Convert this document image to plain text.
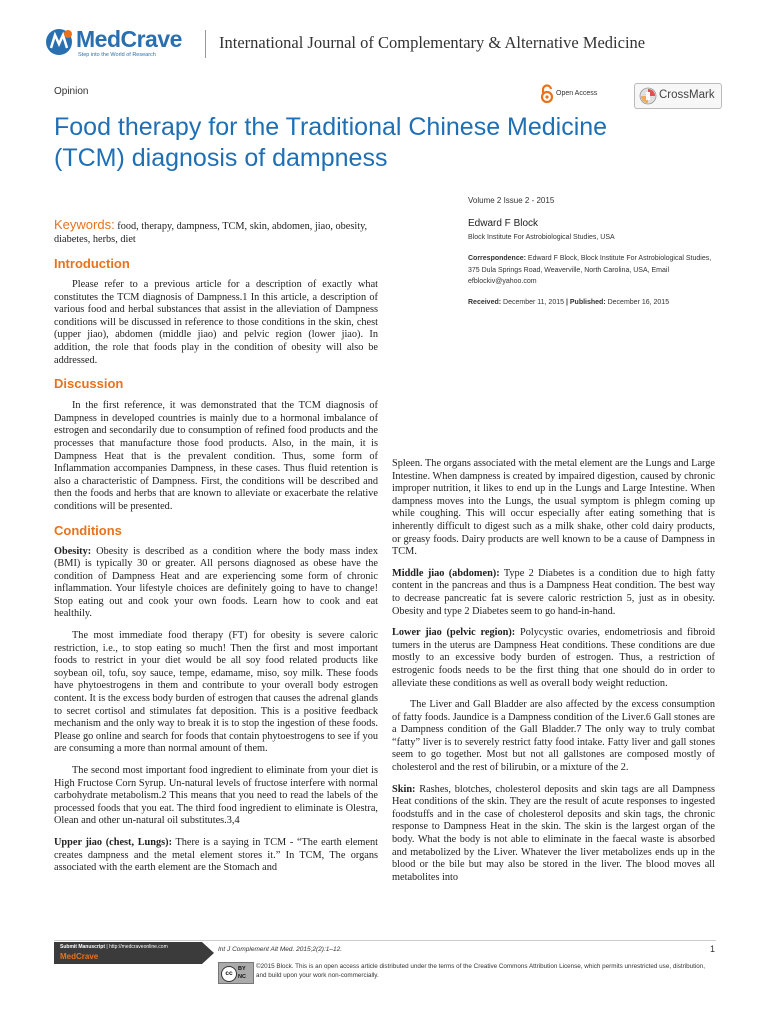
MedCrave
Step into the World of Research
International Journal of Complementary & Alternative Medicine
Opinion	Open Access	CrossMark
Food therapy for the Traditional Chinese Medicine
(TCM) diagnosis of dampness
Volume 2 Issue 2 - 2015
Edward F Block
Block Institute For Astrobiological Studies, USA
Correspondence: Edward F Block, Block Institute For Astrobiological Studies, 375 Dula Springs Road, Weaverville, North Carolina, USA, Email efblockiv@yahoo.com
Received: December 11, 2015 | Published: December 16, 2015
Keywords: food, therapy, dampness, TCM, skin, abdomen, jiao, obesity, diabetes, herbs, diet
Introduction

Please refer to a previous article for a description of exactly what constitutes the TCM diagnosis of Dampness.1 In this article, a description of various food and herbal substances that assist in the alleviation of Dampness conditions will be discussed in reference to those conditions in the skin, chest (upper jiao), abdomen (middle jiao) and pelvic region (lower jiao). In addition, the role that foods play in the condition of obesity will also be addressed.

Discussion

In the first reference, it was demonstrated that the TCM diagnosis of Dampness in developed countries is mainly due to a hormonal imbalance of estrogen and secondarily due to consumption of refined food products and the processes that manufacture those food products. Also, in the main, it is Dampness Heat that is the prevalent condition. Thus, some form of Inflammation accompanies Dampness, in these cases. Thus fluid retention is also a characteristic of Dampness. First, the conditions will be described and then the foods and herbs that are known to alleviate or exacerbate the relative conditions will be presented.

Conditions

Obesity: Obesity is described as a condition where the body mass index (BMI) is typically 30 or greater. All persons diagnosed as obese have the condition of Dampness Heat and are experiencing some form of chronic inflammation. Your lifestyle choices are definitely going to have to change! Stop eating out and cook your own foods. Learn how to cook and eat healthily.

The most immediate food therapy (FT) for obesity is severe caloric restriction, i.e., to stop eating so much! Then the first and most important foods to restrict in your diet would be all soy food related products like soybean oil, tofu, soy sauce, tempe, edamame, miso, soy milk. These foods have phytoestrogens in them and contribute to your overall body estrogen content. It is the excess body burden of estrogen that causes the adrenal glands to secret cortisol and stimulates fat deposition. This is a positive feedback mechanism and the only way to break it is to stop the ingestion of these foods. Please go online and search for foods that contain phytoestrogens to see if you are consuming a more than normal amount of them.

The second most important food ingredient to eliminate from your diet is High Fructose Corn Syrup. Un-natural levels of fructose interfere with normal carbohydrate metabolism.2 This means that you need to read the labels of the processed foods that you eat. The third food ingredient to eliminate is Olestra, Olean and other un-natural oil substitutes.3,4

Upper jiao (chest, Lungs): There is a saying in TCM - “The earth element creates dampness and the metal element stores it.” In TCM, The organs associated with the earth element are the Stomach and

Spleen. The organs associated with the metal element are the Lungs and Large Intestine. When dampness is created by impaired digestion, caused by chronic improper nutrition, it likes to end up in the Lungs and Large Intestine. When dampness moves into the Lungs, the usual symptom is phlegm coming up while coughing. This will occur especially after eating something that is inherently difficult to digest such as a milk shake, other cold dairy products, or greasy foods. Dairy products are well known to be a cause of Dampness in TCM.

Middle jiao (abdomen): Type 2 Diabetes is a condition due to high fatty content in the pancreas and thus is a Dampness Heat condition. The best way to decrease pancreatic fat is severe caloric restriction 5, just as in obesity. Obesity and type 2 Diabetes seem to go hand-in-hand.

Lower jiao (pelvic region): Polycystic ovaries, endometriosis and fibroid tumers in the uterus are Dampness Heat conditions. These conditions are due mostly to an excessive body burden of estrogen. Thus, a restriction of estrogenic foods needs to be the first thing that one should do in order to alleviate these conditions as well as overall body weight reduction.

The Liver and Gall Bladder are also affected by the excess consumption of fatty foods. Jaundice is a Dampness condition of the Liver.6 Gall stones are a Dampness condition of the Gall Bladder.7 The only way to truly combat “fatty” liver is to severely restrict fatty food intake. Fatty liver and gall stones seem to go together. Most but not all gallstones are composed mostly of cholesterol and the rest of bilirubin, or a mixture of the 2.

Skin: Rashes, blotches, cholesterol deposits and skin tags are all Dampness Heat conditions of the skin. They are the result of acute responses to ingested foodstuffs and in the case of cholesterol deposits and skin tags, the chronic response to Dampness Heat in the skin. The skin is the largest organ of the body. What the body is not able to eliminate in the faecal waste is absorbed and metabolized by the Liver. Whatever the liver metabolizes ends up in the blood or the bile but may also be stored in the liver. The blood moves all metabolites into

Submit Manuscript | http://medcraveonline.com
MedCrave
Int J Complement Alt Med. 2015;2(2):1‒12.	1
cc
BY
NC
©2015 Block. This is an open access article distributed under the terms of the Creative Commons Attribution License, which permits unrestricted use, distribution, and build upon your work non-commercially.
